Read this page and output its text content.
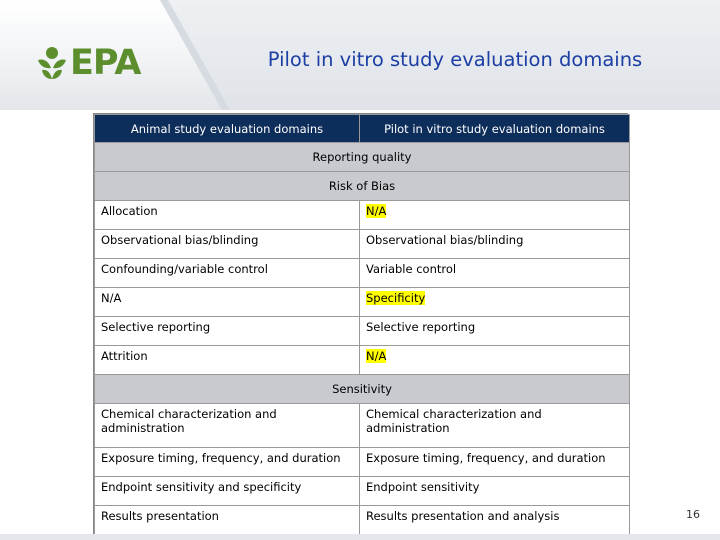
EPA	Pilot in vitro study evaluation domains
Animal study evaluation domains	Pilot in vitro study evaluation domains
Reporting quality	
Risk of Bias	
Allocation	N/A
Observational bias/blinding	Observational bias/blinding
Confounding/variable control	Variable control
N/A	Specificity
Selective reporting	Selective reporting
Attrition	N/A
Sensitivity	
Chemical characterization and administration	Chemical characterization and administration
Exposure timing, frequency, and duration	Exposure timing, frequency, and duration
Endpoint sensitivity and specificity	Endpoint sensitivity
Results presentation	Results presentation and analysis	16
